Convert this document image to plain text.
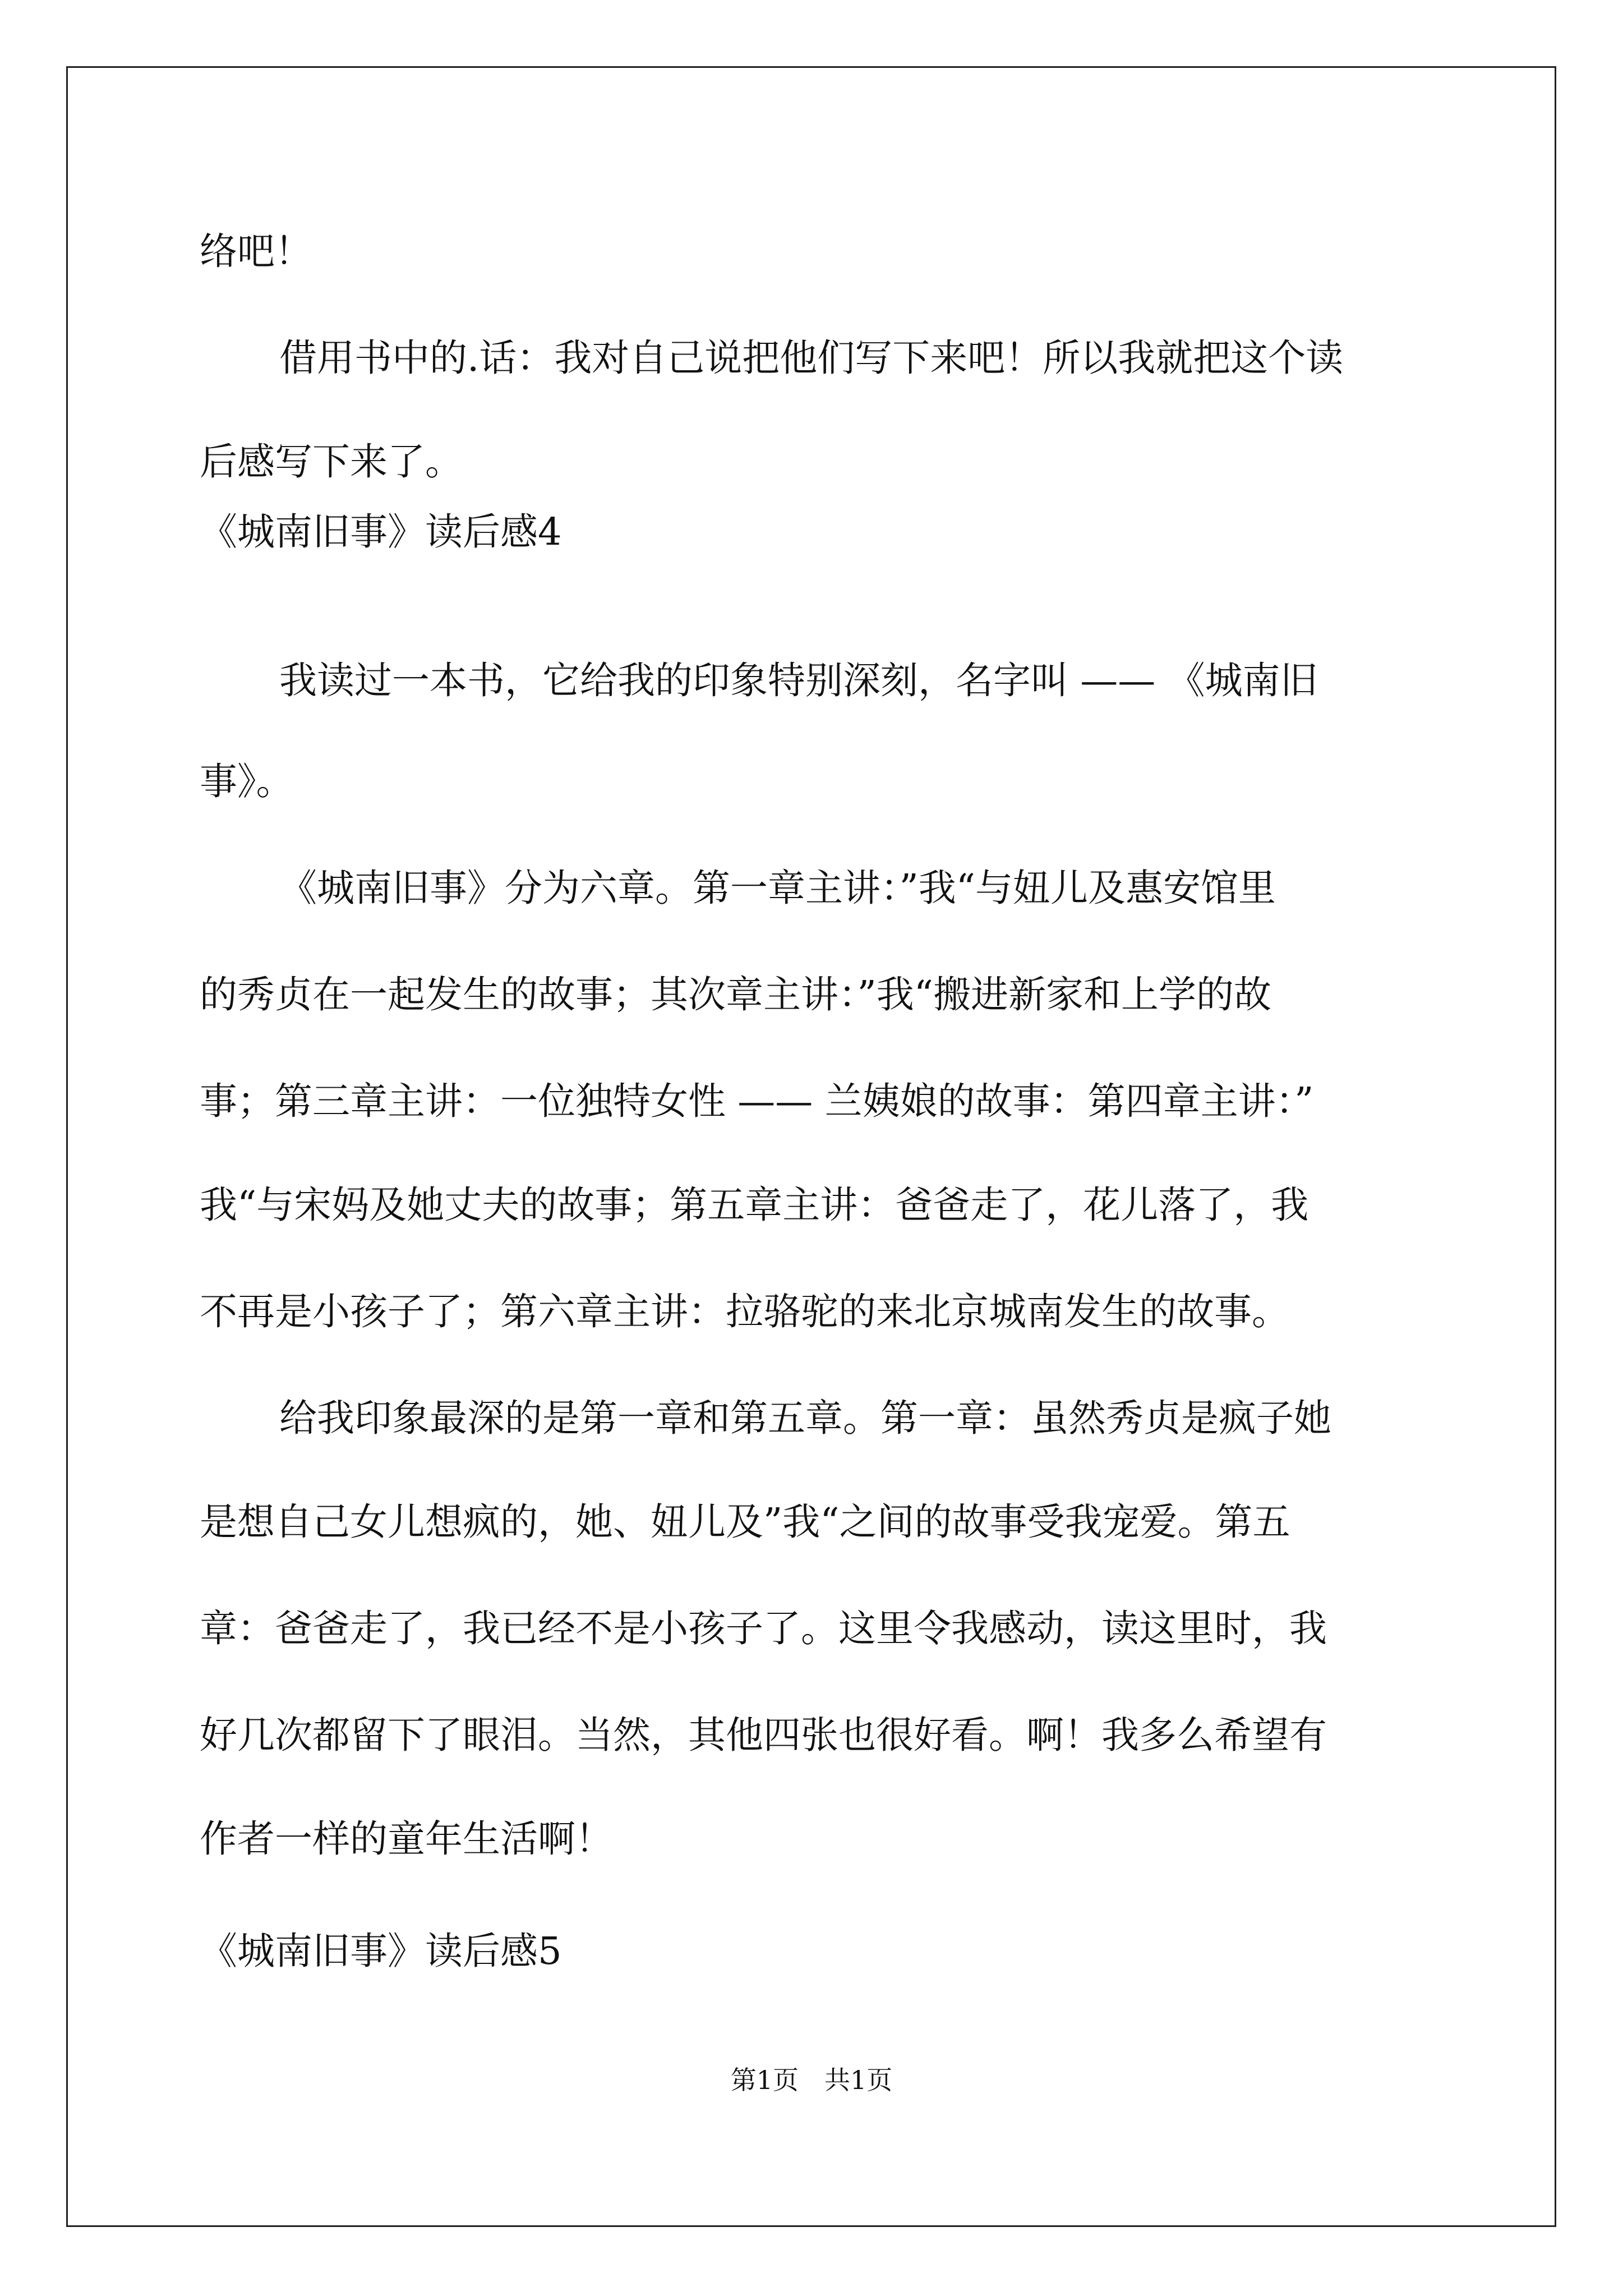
络吧！
借用书中的.话：我对自己说把他们写下来吧！所以我就把这个读
后感写下来了。
《城南旧事》读后感4
我读过一本书，它给我的印象特别深刻，名字叫 —— 《城南旧
事》。
《城南旧事》分为六章。第一章主讲：”我“与妞儿及惠安馆里
的秀贞在一起发生的故事；其次章主讲：”我“搬进新家和上学的故
事；第三章主讲：一位独特女性 —— 兰姨娘的故事：第四章主讲：”
我“与宋妈及她丈夫的故事；第五章主讲：爸爸走了，花儿落了，我
不再是小孩子了；第六章主讲：拉骆驼的来北京城南发生的故事。
给我印象最深的是第一章和第五章。第一章：虽然秀贞是疯子她
是想自己女儿想疯的，她、妞儿及”我“之间的故事受我宠爱。第五
章：爸爸走了，我已经不是小孩子了。这里令我感动，读这里时，我
好几次都留下了眼泪。当然，其他四张也很好看。啊！我多么希望有
作者一样的童年生活啊！
《城南旧事》读后感5
第1页　共1页
